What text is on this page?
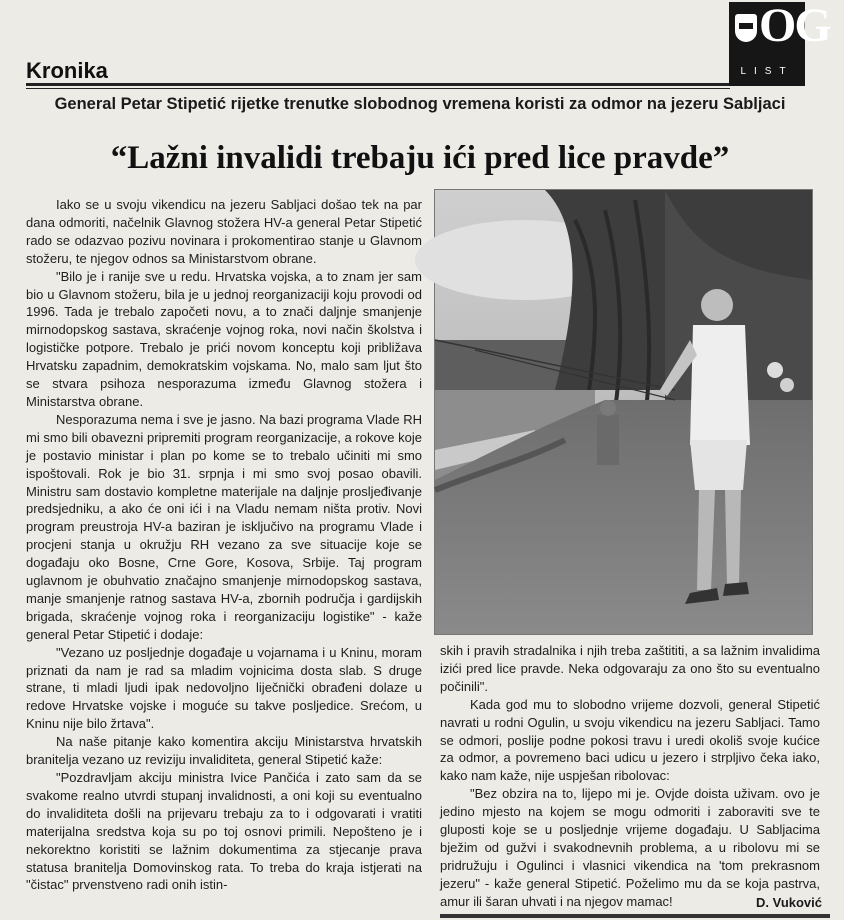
Kronika
OG
LIST
General Petar Stipetić rijetke trenutke slobodnog vremena koristi za odmor na jezeru Sabljaci
“Lažni invalidi trebaju ići pred lice pravde”

Iako se u svoju vikendicu na jezeru Sabljaci došao tek na par dana odmoriti, načelnik Glavnog stožera HV-a general Petar Stipetić rado se odazvao pozivu novinara i prokomentirao stanje u Glavnom stožeru, te njegov odnos sa Ministarstvom obrane.

"Bilo je i ranije sve u redu. Hrvatska vojska, a to znam jer sam bio u Glavnom stožeru, bila je u jednoj reorganizaciji koju provodi od 1996. Tada je trebalo započeti novu, a to znači daljnje smanjenje mirnodopskog sastava, skraćenje vojnog roka, novi način školstva i logističke potpore. Trebalo je prići novom konceptu koji približava Hrvatsku zapadnim, demokratskim vojskama. No, malo sam ljut što se stvara psihoza nesporazuma između Glavnog stožera i Ministarstva obrane.

Nesporazuma nema i sve je jasno. Na bazi programa Vlade RH mi smo bili obavezni pripremiti program reorganizacije, a rokove koje je postavio ministar i plan po kome se to trebalo učiniti mi smo ispoštovali. Rok je bio 31. srpnja i mi smo svoj posao obavili. Ministru sam dostavio kompletne materijale na daljnje prosljeđivanje predsjedniku, a ako će oni ići i na Vladu nemam ništa protiv. Novi program preustroja HV-a baziran je isključivo na programu Vlade i procjeni stanja u okružju RH vezano za sve situacije koje se događaju oko Bosne, Crne Gore, Kosova, Srbije. Taj program uglavnom je obuhvatio značajno smanjenje mirnodopskog sastava, manje smanjenje ratnog sastava HV-a, zbornih područja i gardijskih brigada, skraćenje vojnog roka i reorganizaciju logistike" - kaže general Petar Stipetić i dodaje:

"Vezano uz posljednje događaje u vojarnama i u Kninu, moram priznati da nam je rad sa mladim vojnicima dosta slab. S druge strane, ti mladi ljudi ipak nedovoljno liječnički obrađeni dolaze u redove Hrvatske vojske i moguće su takve posljedice. Srećom, u Kninu nije bilo žrtava".

Na naše pitanje kako komentira akciju Ministarstva hrvatskih branitelja vezano uz reviziju invaliditeta, general Stipetić kaže:

"Pozdravljam akciju ministra Ivice Pančića i zato sam da se svakome realno utvrdi stupanj invalidnosti, a oni koji su eventualno do invaliditeta došli na prijevaru trebaju za to i odgovarati i vratiti materijalna sredstva koja su po toj osnovi primili. Nepošteno je i nekorektno koristiti se lažnim dokumentima za stjecanje prava statusa branitelja Domovinskog rata. To treba do kraja istjerati na "čistac" prvenstveno radi onih istin-

skih i pravih stradalnika i njih treba zaštititi, a sa lažnim invalidima izići pred lice pravde. Neka odgovaraju za ono što su eventualno počinili".

Kada god mu to slobodno vrijeme dozvoli, general Stipetić navrati u rodni Ogulin, u svoju vikendicu na jezeru Sabljaci. Tamo se odmori, poslije podne pokosi travu i uredi okoliš svoje kućice za odmor, a povremeno baci udicu u jezero i strpljivo čeka iako, kako nam kaže, nije uspješan ribolovac:

"Bez obzira na to, lijepo mi je. Ovjde doista uživam. ovo je jedino mjesto na kojem se mogu odmoriti i zaboraviti sve te gluposti koje se u posljednje vrijeme događaju. U Sabljacima bježim od gužvi i svakodnevnih problema, a u ribolovu mi se pridružuju i Ogulinci i vlasnici vikendica na 'tom prekrasnom jezeru" - kaže general Stipetić. Poželimo mu da se koja pastrva, amur ili šaran uhvati i na njegov mamac!	D. Vuković
